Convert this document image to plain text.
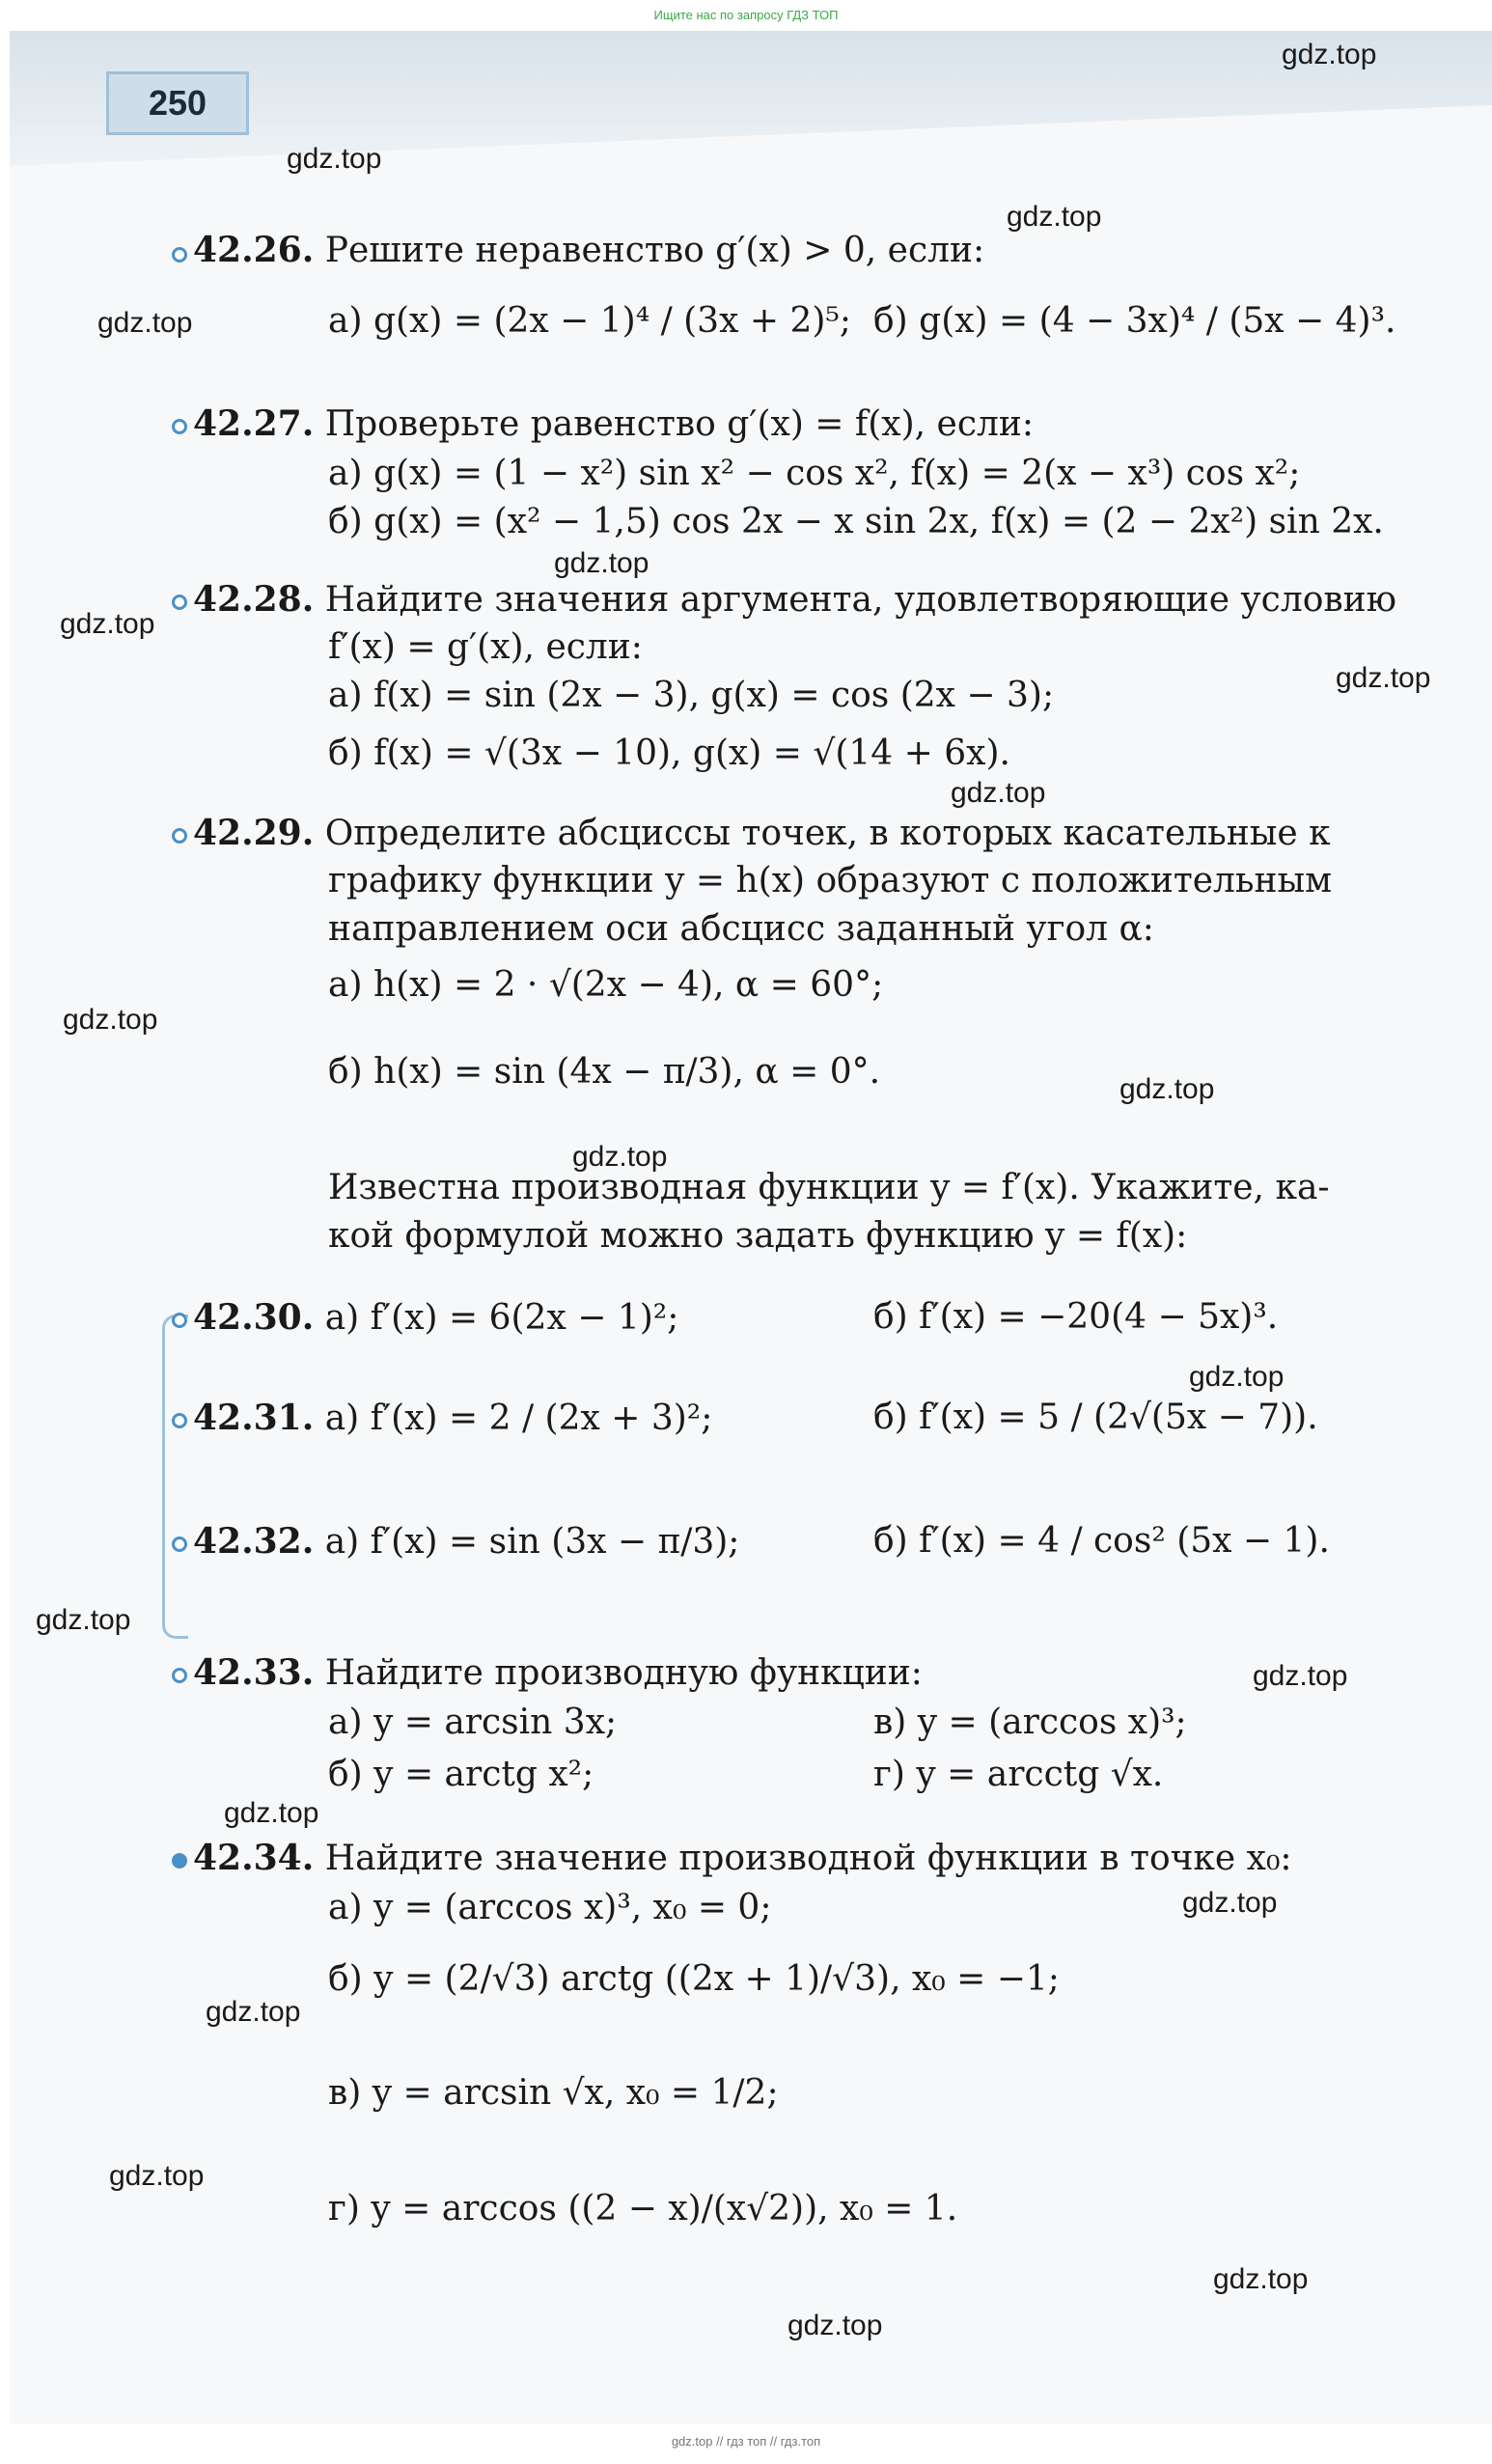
Ищите нас по запросу ГДЗ ТОП
250
gdz.top
gdz.top
gdz.top
gdz.top
gdz.top
gdz.top
gdz.top
gdz.top
gdz.top
gdz.top
gdz.top
gdz.top
gdz.top
gdz.top
gdz.top
gdz.top
gdz.top
gdz.top
gdz.top
gdz.top
42.26. Решите неравенство g′(x) > 0, если:
а) g(x) = (2x − 1)⁴ / (3x + 2)⁵; б) g(x) = (4 − 3x)⁴ / (5x − 4)³.
42.27. Проверьте равенство g′(x) = f(x), если:
а) g(x) = (1 − x²) sin x² − cos x², f(x) = 2(x − x³) cos x²;
б) g(x) = (x² − 1,5) cos 2x − x sin 2x, f(x) = (2 − 2x²) sin 2x.
42.28. Найдите значения аргумента, удовлетворяющие условию
f′(x) = g′(x), если:
а) f(x) = sin (2x − 3), g(x) = cos (2x − 3);
б) f(x) = √(3x − 10), g(x) = √(14 + 6x).
42.29. Определите абсциссы точек, в которых касательные к
графику функции y = h(x) образуют с положительным
направлением оси абсцисс заданный угол α:
а) h(x) = 2 · √(2x − 4), α = 60°;
б) h(x) = sin (4x − π/3), α = 0°.
Известна производная функции y = f′(x). Укажите, ка-
кой формулой можно задать функцию y = f(x):
42.30. а) f′(x) = 6(2x − 1)²;	б) f′(x) = −20(4 − 5x)³.
42.31. а) f′(x) = 2 / (2x + 3)²;	б) f′(x) = 5 / (2√(5x − 7)).
42.32. а) f′(x) = sin (3x − π/3);	б) f′(x) = 4 / cos² (5x − 1).
42.33. Найдите производную функции:
а) y = arcsin 3x;	в) y = (arccos x)³;
б) y = arctg x²;	г) y = arcctg √x.
42.34. Найдите значение производной функции в точке x₀:
а) y = (arccos x)³, x₀ = 0;
б) y = (2/√3) arctg ((2x + 1)/√3), x₀ = −1;
в) y = arcsin √x, x₀ = 1/2;
г) y = arccos ((2 − x)/(x√2)), x₀ = 1.
gdz.top // гдз топ // гдз.топ
